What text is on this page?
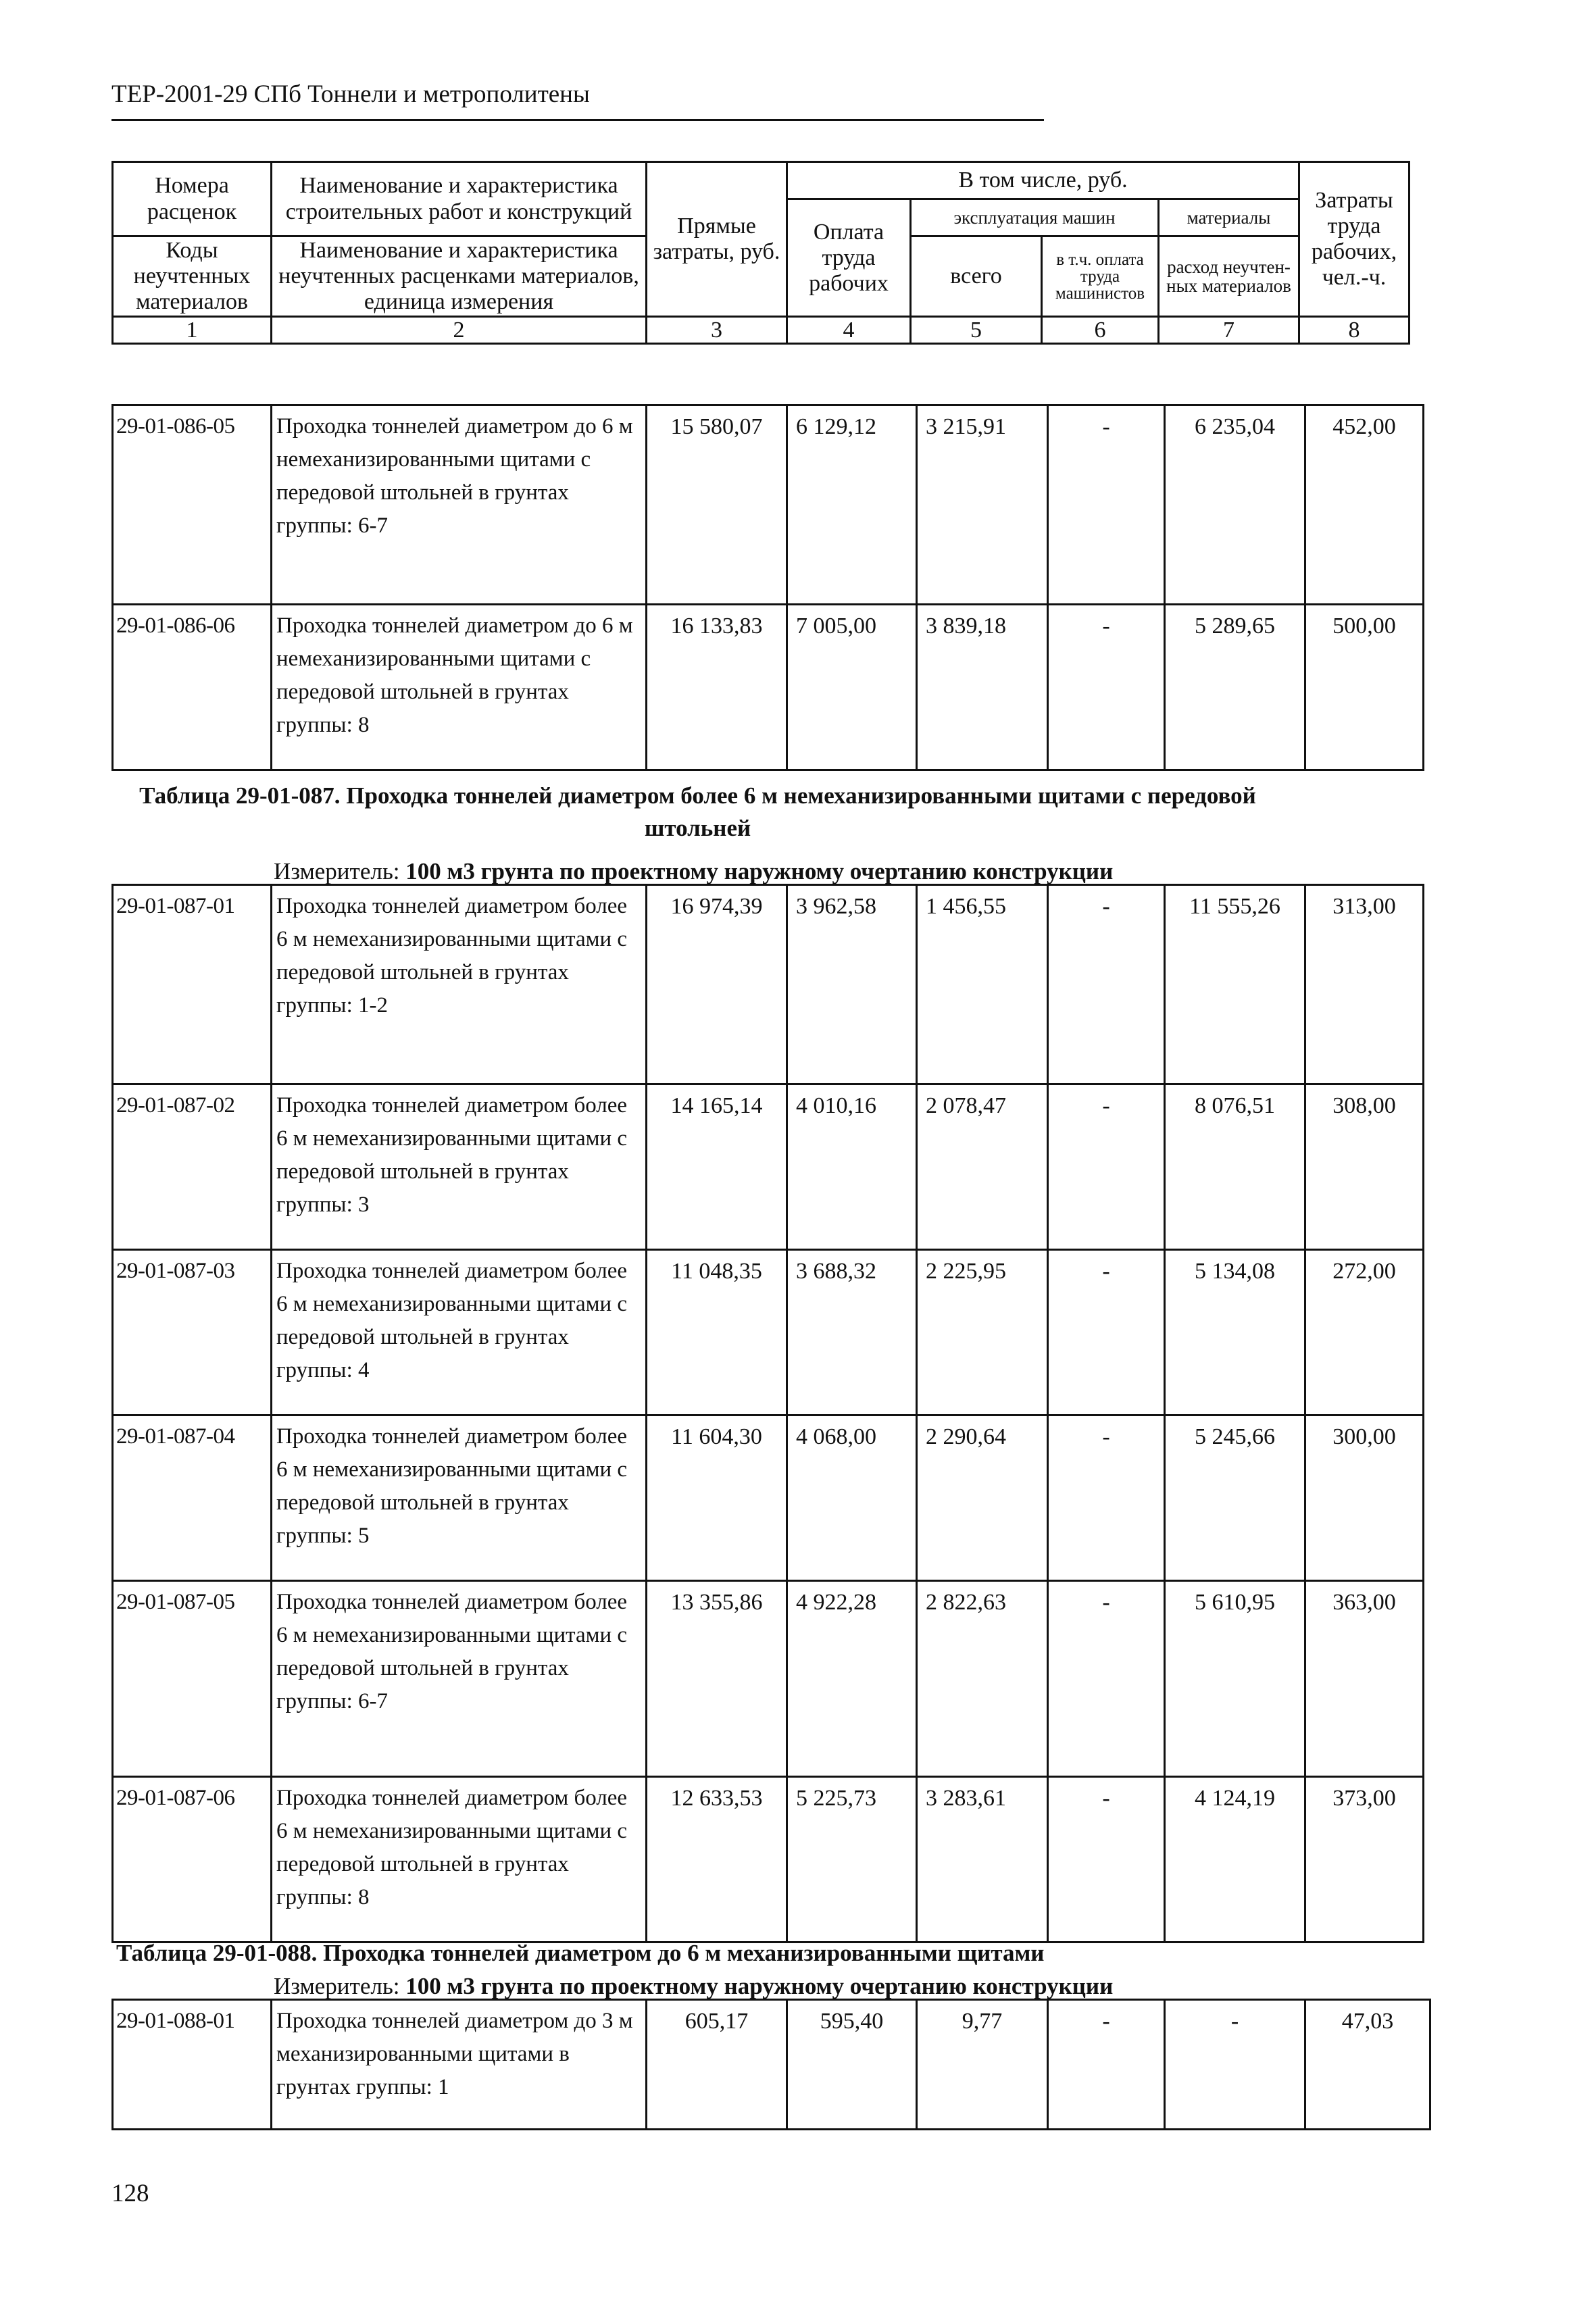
ТЕР-2001-29 СПб Тоннели и метрополитены
Номера расценок	Наименование и характеристика строительных работ и конструкций	Прямые затраты, руб.	В том числе, руб.				Затраты труда рабочих, чел.-ч.
			Оплата труда рабочих	эксплуатация машин		материалы	
Коды неучтенных материалов	Наименование и характеристика неучтенных расценками материалов, единица измерения			всего	в т.ч. оплата труда машинистов	расход неучтен-ных материалов	

1	2	3	4	5	6	7	8
29-01-086-05	Проходка тоннелей диаметром до 6 м немеханизированными щитами с передовой штольней в грунтах группы: 6-7	15 580,07	6 129,12	3 215,91	-	6 235,04	452,00
29-01-086-06	Проходка тоннелей диаметром до 6 м немеханизированными щитами с передовой штольней в грунтах группы: 8	16 133,83	7 005,00	3 839,18	-	5 289,65	500,00
Таблица 29-01-087. Проходка тоннелей диаметром более 6 м немеханизированными щитами с передовой штольней
Измеритель: 100 м3 грунта по проектному наружному очертанию конструкции
29-01-087-01	Проходка тоннелей диаметром более 6 м немеханизированными щитами с передовой штольней в грунтах группы: 1-2	16 974,39	3 962,58	1 456,55	-	11 555,26	313,00
29-01-087-02	Проходка тоннелей диаметром более 6 м немеханизированными щитами с передовой штольней в грунтах группы: 3	14 165,14	4 010,16	2 078,47	-	8 076,51	308,00
29-01-087-03	Проходка тоннелей диаметром более 6 м немеханизированными щитами с передовой штольней в грунтах группы: 4	11 048,35	3 688,32	2 225,95	-	5 134,08	272,00
29-01-087-04	Проходка тоннелей диаметром более 6 м немеханизированными щитами с передовой штольней в грунтах группы: 5	11 604,30	4 068,00	2 290,64	-	5 245,66	300,00
29-01-087-05	Проходка тоннелей диаметром более 6 м немеханизированными щитами с передовой штольней в грунтах группы: 6-7	13 355,86	4 922,28	2 822,63	-	5 610,95	363,00
29-01-087-06	Проходка тоннелей диаметром более 6 м немеханизированными щитами с передовой штольней в грунтах группы: 8	12 633,53	5 225,73	3 283,61	-	4 124,19	373,00
Таблица 29-01-088. Проходка тоннелей диаметром до 6 м механизированными щитами
Измеритель: 100 м3 грунта по проектному наружному очертанию конструкции
29-01-088-01	Проходка тоннелей диаметром до 3 м механизированными щитами в грунтах группы: 1	605,17	595,40	9,77	-	-	47,03
128
